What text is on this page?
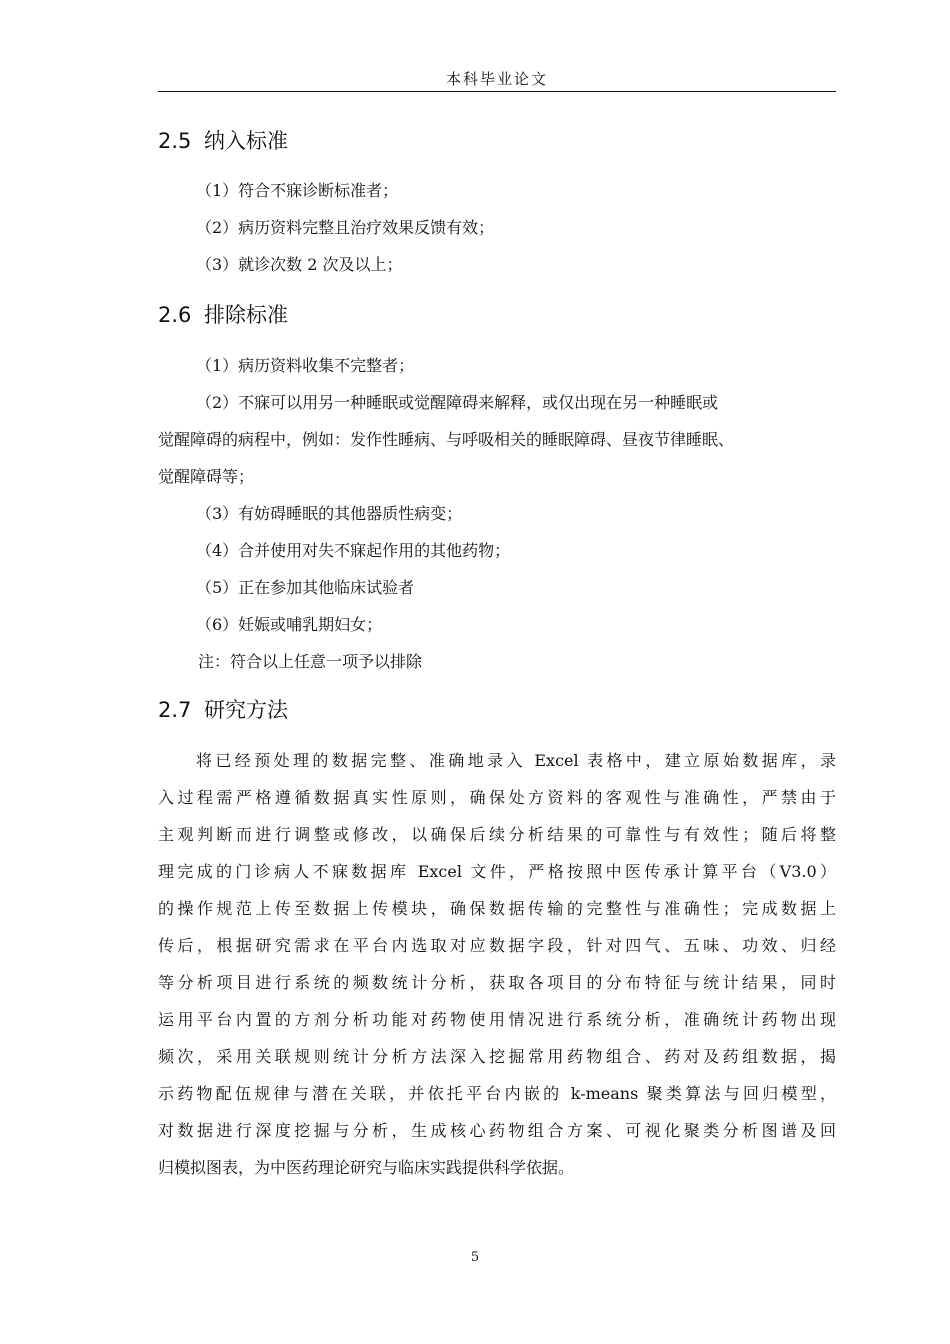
本科毕业论文
2.5 纳入标准
（1）符合不寐诊断标准者；
（2）病历资料完整且治疗效果反馈有效；
（3）就诊次数 2 次及以上；
2.6 排除标准
（1）病历资料收集不完整者；
（2）不寐可以用另一种睡眠或觉醒障碍来解释，或仅出现在另一种睡眠或
觉醒障碍的病程中，例如：发作性睡病、与呼吸相关的睡眠障碍、昼夜节律睡眠、
觉醒障碍等；
（3）有妨碍睡眠的其他器质性病变；
（4）合并使用对失不寐起作用的其他药物；
（5）正在参加其他临床试验者
（6）妊娠或哺乳期妇女；
注：符合以上任意一项予以排除
2.7 研究方法
将已经预处理的数据完整、准确地录入 Excel 表格中，建立原始数据库，录
入过程需严格遵循数据真实性原则，确保处方资料的客观性与准确性，严禁由于
主观判断而进行调整或修改，以确保后续分析结果的可靠性与有效性；随后将整
理完成的门诊病人不寐数据库 Excel 文件，严格按照中医传承计算平台（V3.0）
的操作规范上传至数据上传模块，确保数据传输的完整性与准确性；完成数据上
传后，根据研究需求在平台内选取对应数据字段，针对四气、五味、功效、归经
等分析项目进行系统的频数统计分析，获取各项目的分布特征与统计结果，同时
运用平台内置的方剂分析功能对药物使用情况进行系统分析，准确统计药物出现
频次，采用关联规则统计分析方法深入挖掘常用药物组合、药对及药组数据，揭
示药物配伍规律与潜在关联，并依托平台内嵌的 k-means 聚类算法与回归模型，
对数据进行深度挖掘与分析，生成核心药物组合方案、可视化聚类分析图谱及回
归模拟图表，为中医药理论研究与临床实践提供科学依据。
5
